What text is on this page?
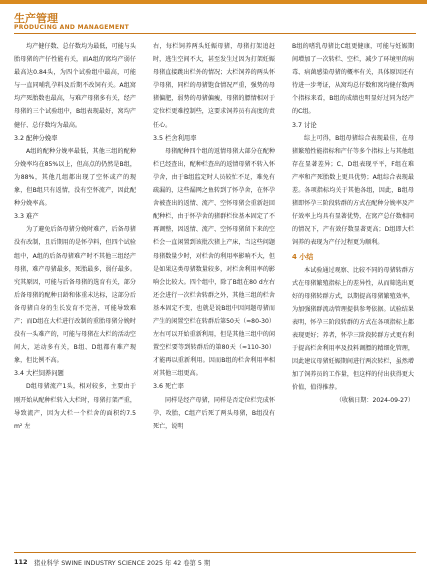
生产管理
PRODUCING AND MANAGEMENT

均产健仔数、总仔数均为最低，可能与头胎母猪的产仔性能有关，而A组的窝均产弱仔最高达0.84头，为四个试验组中最高，可能与一直同哺乳孕料及后期不改饲有关。A组窝均产死胎数也最高，与难产母猪多有关，经产母猪的三个试验组中，B组表现最好，窝均产健仔、总仔数均为最高。

3.2 配种分娩率

A组的配种分娩率最低，其他三组的配种分娩率均在85%以上，但高点的仍然是B组，为88%，其他几组都出现了空怀或产的现象，但B组只有返情，没有空怀流产，因此配种分娩率高。

3.3 难产

为了避免后备母猪分娩时难产，后备母猪没有改制，且后期用的是怀孕料，但四个试验组中，A组的后备母猪难产时不其他三组经产母猪，难产母猪最多，死胎最多，弱仔最多。究其原因，可能与后备母猪的选育有关，部分后备母猪的配种日龄和体重未达标，这部分后备母猪自身的生长发育不完善，可能导致难产；而D组在大栏进行改制的重胎母猪分娩时没有一头难产的，可能与母猪在大栏的活动空间大，运动多有关，B组、D组都有难产现象，但比例不高。

3.4 大栏饲养问题

D组母猪流产1头，相对较多，主要由于刚开始从配种栏转入大栏时，母猪打架严重，导致流产，因为大栏一个栏舍的面积约7.5 m² 左

右，每栏饲养两头妊娠母猪，母猪打架追赶时，逃生空间不大，甚至发生过因为打架妊娠母猪直接跳出栏外的情况；大栏饲养的两头怀孕母猪，同栏的母猪饱食情况严重，强势的母猪偏肥，弱势的母猪偏瘦，母猪的膘情相对于定位栏更难控制些，这要求饲养员有高度的责任心。

3.5 栏舍利用率

母猪配种四个组的返情母猪大部分在配种栏已经查出，配种栏查出的返情母猪不转入怀孕舍，由于B组监定时人员较忙不足，难免有疏漏的，这些漏网之鱼转到了怀孕舍，在怀孕舍被查出的返情、流产、空怀母猪会重新赶回配种栏，由于怀孕舍的猪群栏位基本固定了不再调整，因返情、流产、空怀母猪留下来的空栏会一直闲置到该批次猪上产床，当这些问题母猪数量少时，对栏舍的利用率影响不大，但是如果这类母猪数量较多，对栏舍利用率的影响会比较大。四个组中，除了B组在80 d左右还会进行一次栏舍转群之外，其他三组的栏舍基本固定不变，也就是说B组中因问题母猪而产生的闲置空栏在转群后第50天（≈80-30）左右可以开始重新利用，但是其他三组中的闲置空栏要等到转群后的第80天（≈110-30）才能再以重新利用。因而B组的栏舍利用率相对其他三组更高。

3.6 死亡率

同样是经产母猪，同样是否定位栏完成怀孕、攻胎，C组产后死了两头母猪，B组没有死亡，说明

B组的嗜乳母猪比C组更健康，可能与妊娠期间增加了一次转栏、空栏，减少了环境里的病毒、病菌感染母猪的概率有关，具体原因还有待进一步考证，从窝均总仔数和窝均健仔数两个指标来看，B组的成绩也明显好过同为经产的C组。

3.7 讨论

综上可得，B组母猪综合表现最佳，在母猪繁殖性能指标和产仔等多个指标上与其他组存在显著差异；C、D组表现平平，F组在难产率和产死胎数上更具优势；A组综合表现最差。各项指标均关于其他各组，因此，B组母猪即怀孕三阶段转群的方式在配种分娩率及产仔效率上均具有显著优势，在窝产总仔数相同的情况下，产有效仔数显著更高；D组即大栏饲养的表现为产仔过程更为顺利。

4 小结

本试验通过观察、比较不同的母猪转群方式在母猪繁殖指标上的差异性，从而筛选出更好的母猪转群方式，以期提高母猪繁殖效率，为加强猪群流动管理提供参考依据。试验结果表明，怀孕三阶段转群的方式在各项指标上都表现更好；养者，怀孕三阶段转群方式更有利于提高栏舍利用率及投料调膘的精细化管理，因此建议母猪妊娠期间进行两次转栏，虽然增加了饲养员的工作量，但这样的付出获得更大价值，值得推荐。

（收稿日期：2024-09-27）

112 猪业科学 SWINE INDUSTRY SCIENCE 2025 年 42 卷第 5 期
